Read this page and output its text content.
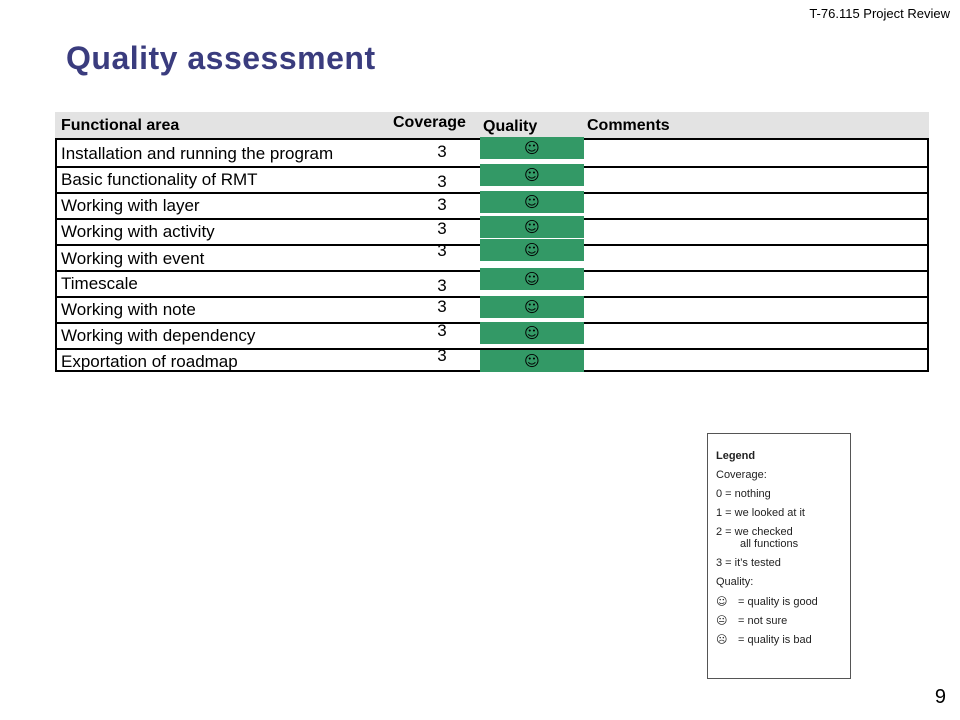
T-76.115 Project Review
Quality assessment
Functional area	Coverage Quality	Comments
Installation and running the program
Basic functionality of RMT
Working with layer
Working with activity
Working with event
Timescale
Working with note
Working with dependency
Exportation of roadmap
3
3
3
3
3
3
3
3
3
☺
☺
☺
☺
☺
☺
☺
☺
☺
Legend
Coverage:
0 = nothing
1 = we looked at it
2 = we checked
all functions
3 = it’s tested
Quality:
☺ = quality is good
😐 = not sure
☹ = quality is bad
9
